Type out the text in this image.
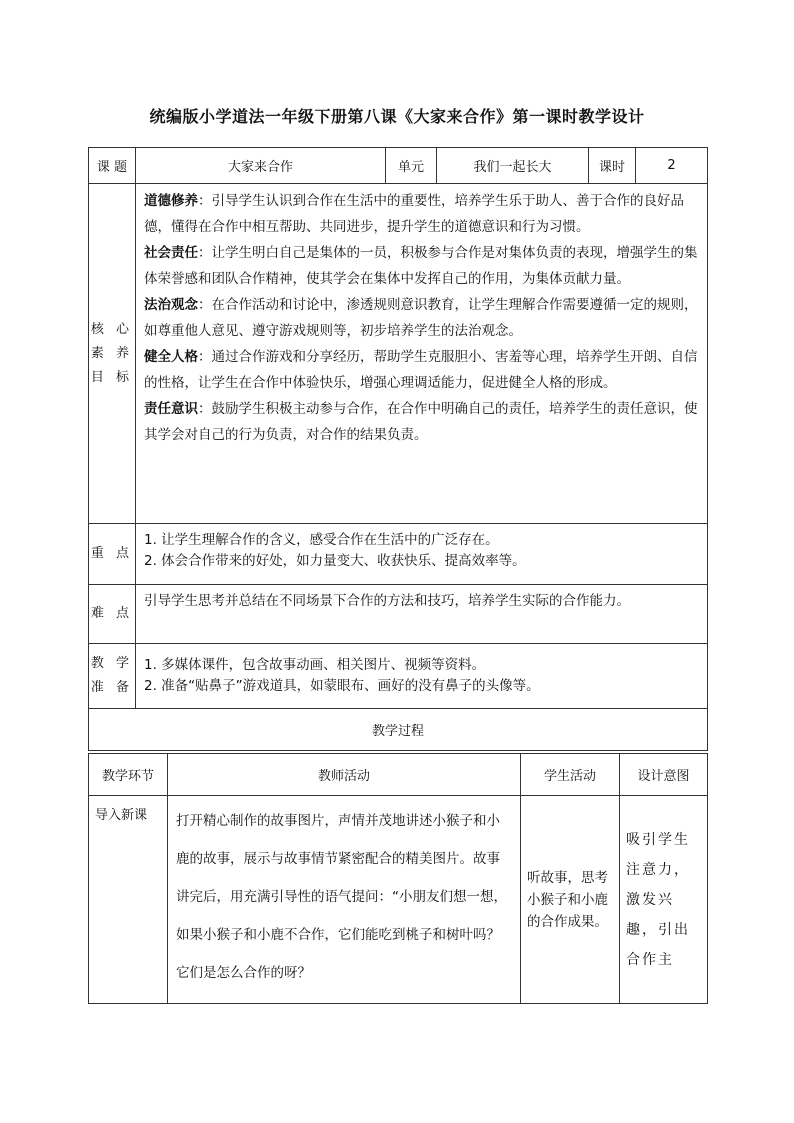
统编版小学道法一年级下册第八课《大家来合作》第一课时教学设计
课 题	大家来合作	单元	我们一起长大	课时	2
核 心 素 养 目 标	道德修养：引导学生认识到合作在生活中的重要性，培养学生乐于助人、善于合作的良好品德，懂得在合作中相互帮助、共同进步，提升学生的道德意识和行为习惯。

社会责任：让学生明白自己是集体的一员，积极参与合作是对集体负责的表现，增强学生的集体荣誉感和团队合作精神，使其学会在集体中发挥自己的作用，为集体贡献力量。

法治观念：在合作活动和讨论中，渗透规则意识教育，让学生理解合作需要遵循一定的规则，如尊重他人意见、遵守游戏规则等，初步培养学生的法治观念。

健全人格：通过合作游戏和分享经历，帮助学生克服胆小、害羞等心理，培养学生开朗、自信的性格，让学生在合作中体验快乐，增强心理调适能力，促进健全人格的形成。

责任意识：鼓励学生积极主动参与合作，在合作中明确自己的责任，培养学生的责任意识，使其学会对自己的行为负责，对合作的结果负责。				

重 点	1. 让学生理解合作的含义，感受合作在生活中的广泛存在。

2. 体会合作带来的好处，如力量变大、收获快乐、提高效率等。				

难 点	引导学生思考并总结在不同场景下合作的方法和技巧，培养学生实际的合作能力。				
教 学 准 备	1. 多媒体课件，包含故事动画、相关图片、视频等资料。

2. 准备“贴鼻子”游戏道具，如蒙眼布、画好的没有鼻子的头像等。				

教学过程					
教学环节	教师活动	学生活动	设计意图
导入新课	打开精心制作的故事图片，声情并茂地讲述小猴子和小鹿的故事，展示与故事情节紧密配合的精美图片。故事讲完后，用充满引导性的语气提问：“小朋友们想一想，如果小猴子和小鹿不合作，它们能吃到桃子和树叶吗？它们是怎么合作的呀？	听故事，思考小猴子和小鹿的合作成果。	吸引学生注意力，激发兴趣，引出合作主
